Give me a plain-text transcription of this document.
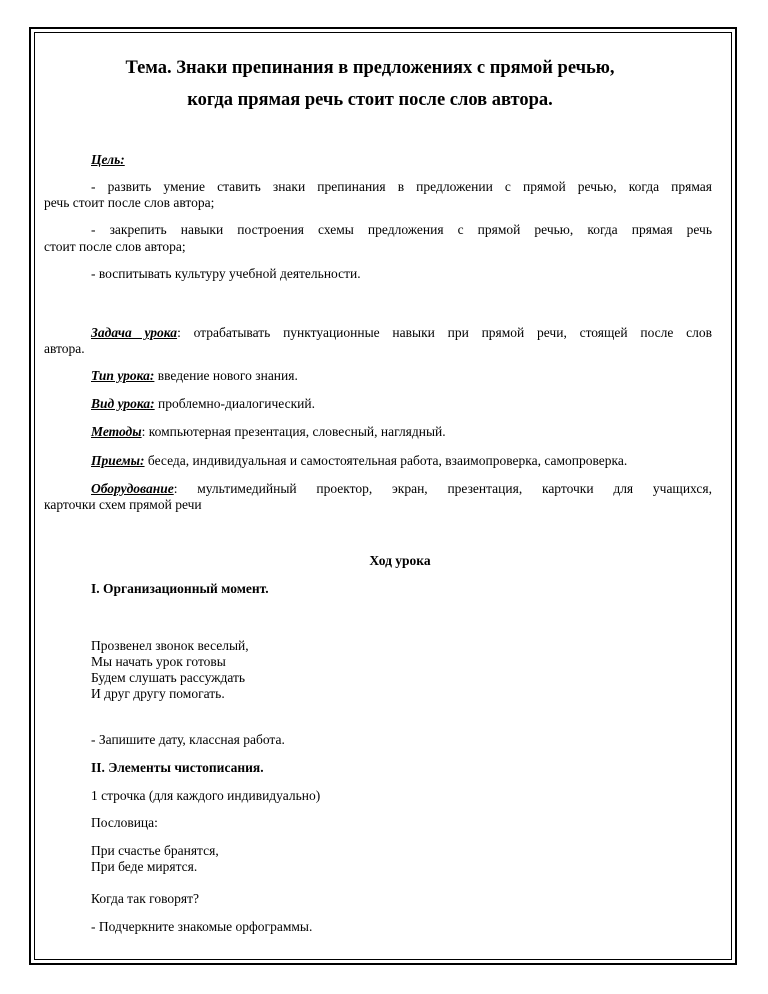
Тема. Знаки препинания в предложениях с прямой речью,
когда прямая речь стоит после слов автора.

Цель:

- развить умение ставить знаки препинания в предложении с прямой речью, когда прямая

речь стоит после слов автора;

- закрепить навыки построения схемы предложения с прямой речью, когда прямая речь

стоит после слов автора;

- воспитывать культуру учебной деятельности.

Задача урока: отрабатывать пунктуационные навыки при прямой речи, стоящей после слов

автора.

Тип урока: введение нового знания.

Вид урока: проблемно-диалогический.

Методы: компьютерная презентация, словесный, наглядный.

Приемы: беседа, индивидуальная и самостоятельная работа, взаимопроверка, самопроверка.

Оборудование: мультимедийный проектор, экран, презентация, карточки для учащихся,

карточки схем прямой речи

Ход урока

I. Организационный момент.

Прозвенел звонок веселый,

Мы начать урок готовы

Будем слушать рассуждать

И друг другу помогать.

- Запишите дату, классная работа.

II. Элементы чистописания.

1 строчка (для каждого индивидуально)

Пословица:

При счастье бранятся,

При беде мирятся.

Когда так говорят?

- Подчеркните знакомые орфограммы.
